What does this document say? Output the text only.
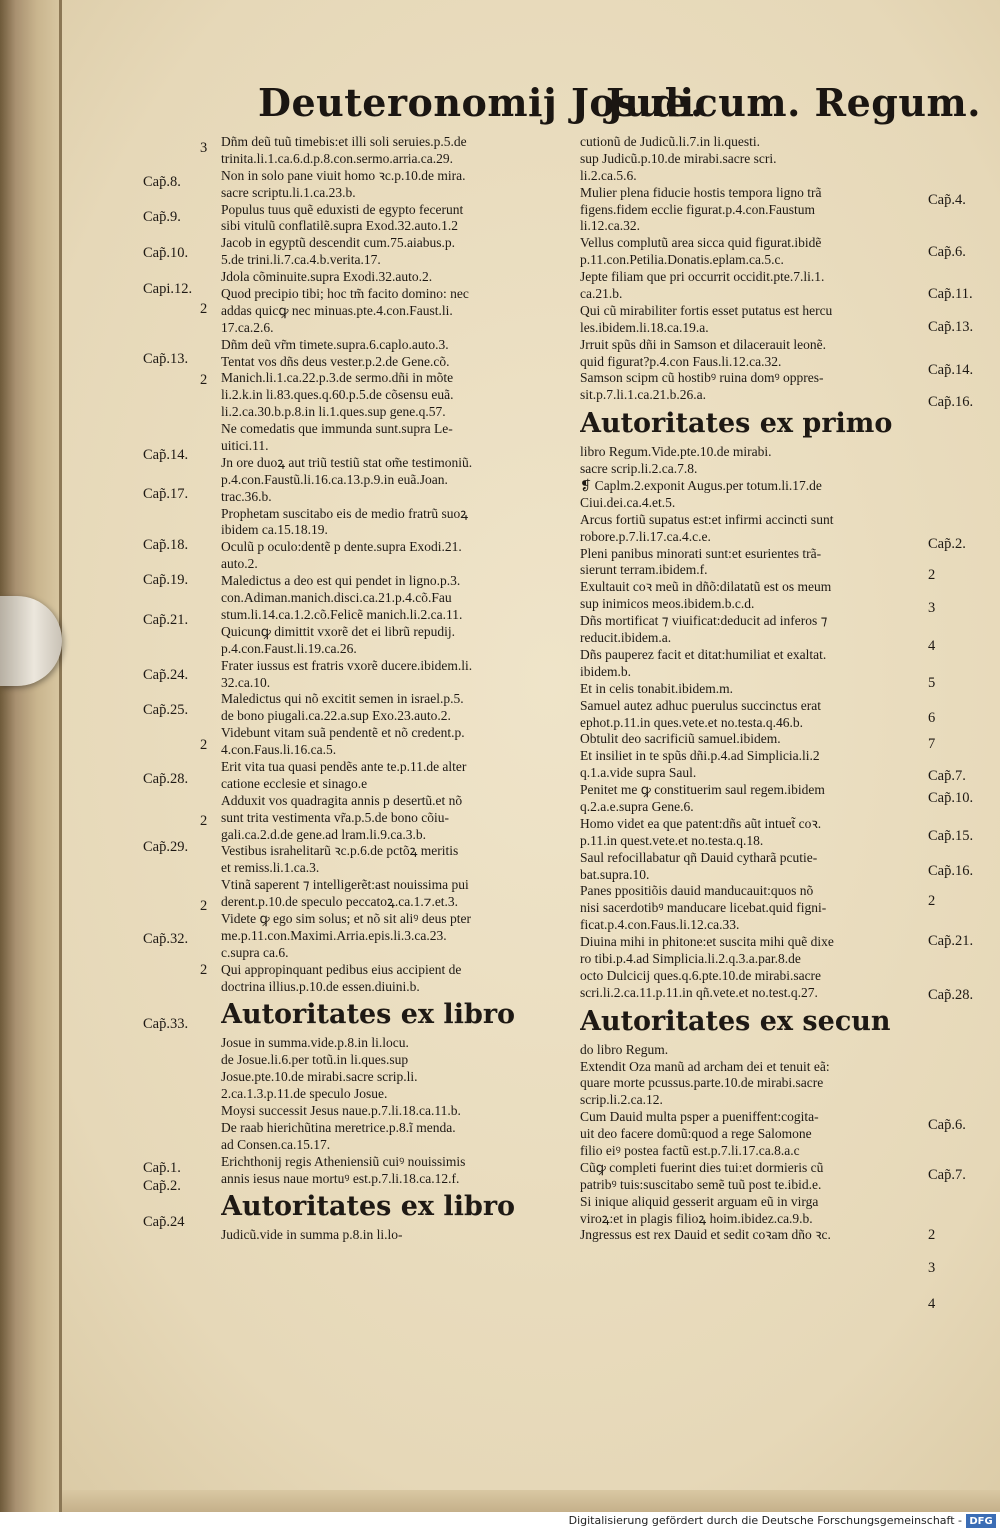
Deuteronomij Josue.
Judicum. Regum.
3
Cap̃.8.
Cap̃.9.
Cap̃.10.
Capi.12.
2
Cap̃.13.
2
Cap̃.14.
Cap̃.17.
Cap̃.18.
Cap̃.19.
Cap̃.21.
Cap̃.24.
Cap̃.25.
2
Cap̃.28.
2
Cap̃.29.
2
Cap̃.32.
2
Cap̃.33.
Cap̃.1.
Cap̃.2.
Cap̃.24
Dñm deũ tuũ timebis:et illi soli seruies.p.5.de
trinita.li.1.ca.6.d.p.8.con.sermo.arria.ca.29.
Non in solo pane viuit homo ꝛc.p.10.de mira.
sacre scriptu.li.1.ca.23.b.
Populus tuus quẽ eduxisti de egypto fecerunt
sibi vitulũ conflatilẽ.supra Exod.32.auto.1.2
Jacob in egyptũ descendit cum.75.aiabus.p.
5.de trini.li.7.ca.4.b.verita.17.
Jdola cõminuite.supra Exodi.32.auto.2.
Quod precipio tibi; hoc tm̃ facito domino: nec
addas quicꝙ nec minuas.pte.4.con.Faust.li.
17.ca.2.6.
Dñm deũ vr̃m timete.supra.6.caplo.auto.3.
Tentat vos dñs deus vester.p.2.de Gene.cõ.
Manich.li.1.ca.22.p.3.de sermo.dñi in mõte
li.2.k.in li.83.ques.q.60.p.5.de cõsensu euã.
li.2.ca.30.b.p.8.in li.1.ques.sup gene.q.57.
Ne comedatis que immunda sunt.supra Le-
uitici.11.
Jn ore duoꝝ aut triũ testiũ stat om̃e testimoniũ.
p.4.con.Faustũ.li.16.ca.13.p.9.in euã.Joan.
trac.36.b.
Prophetam suscitabo eis de medio fratrũ suoꝝ
ibidem ca.15.18.19.
Oculũ p oculo:dentẽ p dente.supra Exodi.21.
auto.2.
Maledictus a deo est qui pendet in ligno.p.3.
con.Adiman.manich.disci.ca.21.p.4.cõ.Fau
stum.li.14.ca.1.2.cõ.Felicẽ manich.li.2.ca.11.
Quicunꝙ dimittit vxorẽ det ei librũ repudij.
p.4.con.Faust.li.19.ca.26.
Frater iussus est fratris vxorẽ ducere.ibidem.li.
32.ca.10.
Maledictus qui nõ excitit semen in israel.p.5.
de bono piugali.ca.22.a.sup Exo.23.auto.2.
Videbunt vitam suã pendentẽ et nõ credent.p.
4.con.Faus.li.16.ca.5.
Erit vita tua quasi pendẽs ante te.p.11.de alter
catione ecclesie et sinago.e
Adduxit vos quadragita annis p desertũ.et nõ
sunt trita vestimenta vr̃a.p.5.de bono cõiu-
gali.ca.2.d.de gene.ad lram.li.9.ca.3.b.
Vestibus israhelitarũ ꝛc.p.6.de pctõꝝ meritis
et remiss.li.1.ca.3.
Vtinã saperent ⁊ intelligerẽt:ast nouissima pui
derent.p.10.de speculo peccatoꝝ.ca.1.⁊.et.3.
Videte ꝙ ego sim solus; et nõ sit aliꝰ deus pter
me.p.11.con.Maximi.Arria.epis.li.3.ca.23.
c.supra ca.6.
Qui appropinquant pedibus eius accipient de
doctrina illius.p.10.de essen.diuini.b.
Autoritates ex libro
Josue in summa.vide.p.8.in li.locu.
de Josue.li.6.per totũ.in li.ques.sup
Josue.pte.10.de mirabi.sacre scrip.li.
2.ca.1.3.p.11.de speculo Josue.
Moysi successit Jesus naue.p.7.li.18.ca.11.b.
De raab hierichũtina meretrice.p.8.ĩ menda.
ad Consen.ca.15.17.
Erichthonij regis Atheniensiũ cuiꝰ nouissimis
annis iesus naue mortuꝰ est.p.7.li.18.ca.12.f.
Autoritates ex libro
Judicũ.vide in summa p.8.in li.lo-
cutionũ de Judicũ.li.7.in li.questi.
sup Judicũ.p.10.de mirabi.sacre scri.
li.2.ca.5.6.
Mulier plena fiducie hostis tempora ligno trã
figens.fidem ecclie figurat.p.4.con.Faustum
li.12.ca.32.
Vellus complutũ area sicca quid figurat.ibidẽ
p.11.con.Petilia.Donatis.eplam.ca.5.c.
Jepte filiam que pri occurrit occidit.pte.7.li.1.
ca.21.b.
Qui cũ mirabiliter fortis esset putatus est hercu
les.ibidem.li.18.ca.19.a.
Jrruit spũs dñi in Samson et dilacerauit leonẽ.
quid figurat?p.4.con Faus.li.12.ca.32.
Samson scipm cũ hostibꝰ ruina domꝰ oppres-
sit.p.7.li.1.ca.21.b.26.a.
Autoritates ex primo
libro Regum.Vide.pte.10.de mirabi.
sacre scrip.li.2.ca.7.8.
❡ Caplm.2.exponit Augus.per totum.li.17.de
Ciui.dei.ca.4.et.5.
Arcus fortiũ supatus est:et infirmi accincti sunt
robore.p.7.li.17.ca.4.c.e.
Pleni panibus minorati sunt:et esurientes trã-
sierunt terram.ibidem.f.
Exultauit coꝛ meũ in dñõ:dilatatũ est os meum
sup inimicos meos.ibidem.b.c.d.
Dñs mortificat ⁊ viuificat:deducit ad inferos ⁊
reducit.ibidem.a.
Dñs pauperez facit et ditat:humiliat et exaltat.
ibidem.b.
Et in celis tonabit.ibidem.m.
Samuel autez adhuc puerulus succinctus erat
ephot.p.11.in ques.vete.et no.testa.q.46.b.
Obtulit deo sacrificiũ samuel.ibidem.
Et insiliet in te spũs dñi.p.4.ad Simplicia.li.2
q.1.a.vide supra Saul.
Penitet me ꝙ constituerim saul regem.ibidem
q.2.a.e.supra Gene.6.
Homo videt ea que patent:dñs aũt intuet̃ coꝛ.
p.11.in quest.vete.et no.testa.q.18.
Saul refocillabatur qñ Dauid cytharã pcutie-
bat.supra.10.
Panes ppositiõis dauid manducauit:quos nõ
nisi sacerdotibꝰ manducare licebat.quid figni-
ficat.p.4.con.Faus.li.12.ca.33.
Diuina mihi in phitone:et suscita mihi quẽ dixe
ro tibi.p.4.ad Simplicia.li.2.q.3.a.par.8.de
octo Dulcicij ques.q.6.pte.10.de mirabi.sacre
scri.li.2.ca.11.p.11.in qñ.vete.et no.test.q.27.
Autoritates ex secun
do libro Regum.
Extendit Oza manũ ad archam dei et tenuit eã:
quare morte pcussus.parte.10.de mirabi.sacre
scrip.li.2.ca.12.
Cum Dauid multa psper a pueniffent:cogita-
uit deo facere domũ:quod a rege Salomone
filio eiꝰ postea factũ est.p.7.li.17.ca.8.a.c
Cũꝙ completi fuerint dies tui:et dormieris cũ
patribꝰ tuis:suscitabo semẽ tuũ post te.ibid.e.
Si inique aliquid gesserit arguam eũ in virga
viroꝝ:et in plagis filioꝝ hoim.ibidez.ca.9.b.
Jngressus est rex Dauid et sedit coꝛam dño ꝛc.
Cap̃.4.
Cap̃.6.
Cap̃.11.
Cap̃.13.
Cap̃.14.
Cap̃.16.
Cap̃.2.
2
3
4
5
6
7
Cap̃.7.
Cap̃.10.
Cap̃.15.
Cap̃.16.
2
Cap̃.21.
Cap̃.28.
Cap̃.6.
Cap̃.7.
2
3
4
Digitalisierung gefördert durch die Deutsche Forschungsgemeinschaft - DFG
